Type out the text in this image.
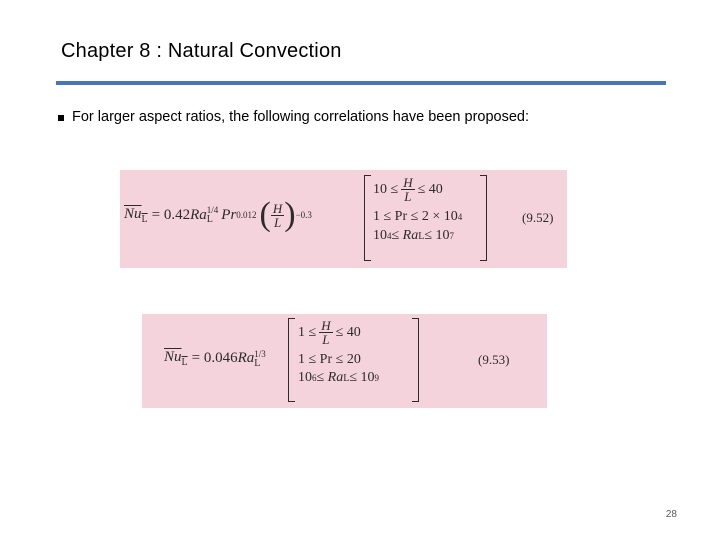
Chapter 8 : Natural Convection
For larger aspect ratios, the following correlations have been proposed:
$Nu_L = 0.42$ Ra 1/4
L Pr 0.012 ( $\frac{H}{L}$ ) −0.3
$10 \le \frac{H}{L} \le 40$
1 ≤ Pr ≤ 2 × 10 4
10 4 ≤ Ra L ≤ 10 7
(9.52)
$Nu_L = 0.046$ Ra 1/3
L
$1 \le \frac{H}{L} \le 40$
1 ≤ Pr ≤ 20
10 6 ≤ Ra L ≤ 10 9
(9.53)
28
